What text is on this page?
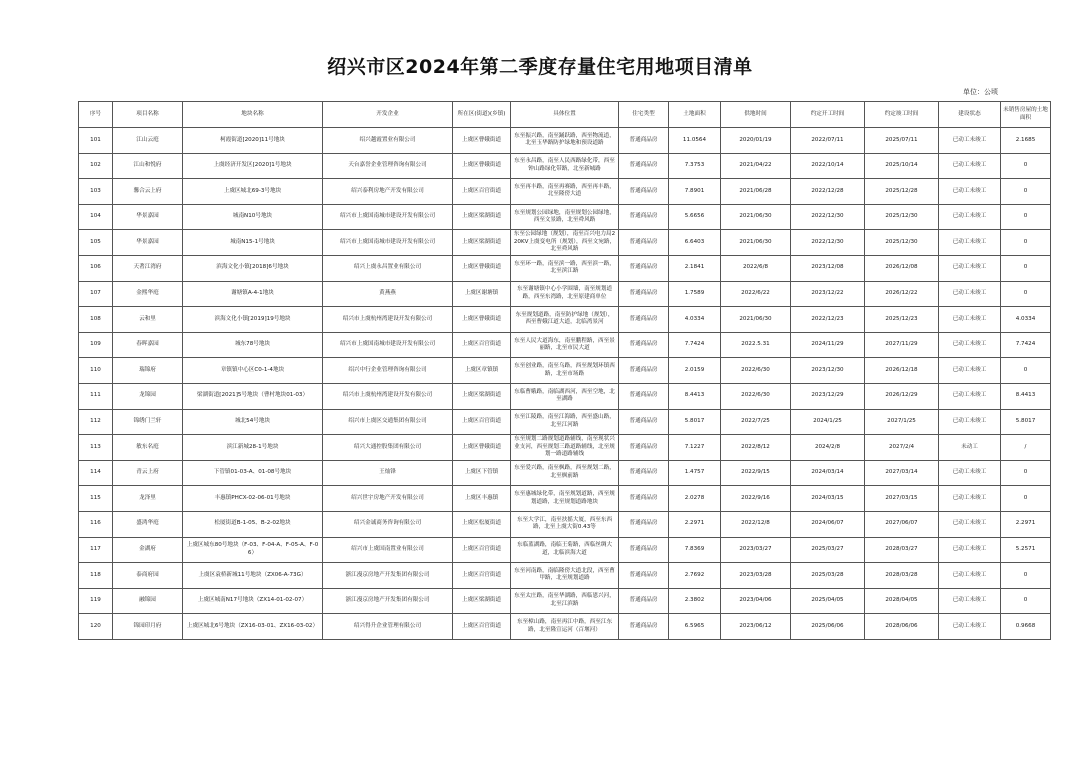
绍兴市区2024年第二季度存量住宅用地项目清单
单位：公顷
序号	项目名称	地块名称	开发企业	所在区(街道)(乡镇)	具体位置	住宅类型	土地面积	供地时间	约定开工时间	约定竣工时间	建设状态	未销售房屋的土地面积
101	江山云庭	柯霞街道[2020]11号地块	绍兴越霞置业有限公司	上虞区曹娥街道	东至振兴路，南至踊跃路，西至物流道，北至玉华路防护绿地和预设道路	普通商品房	11.0564	2020/01/19	2022/07/11	2025/07/11	已动工未竣工	2.1685
102	江山和悦府	上虞经济开发区[2020]1号地块	天台嘉誉企业管理咨询有限公司	上虞区曹娥街道	东至永昌路，南至人民西路绿化带，西至钟山路绿化带路，北至新城路	普通商品房	7.3753	2021/04/22	2022/10/14	2025/10/14	已动工未竣工	0
103	馨合云上府	上虞区城北69-3号地块	绍兴泰利房地产开发有限公司	上虞区百官街道	东至再丰路，南至再赛路，西至再丰路，北至隆傍大道	普通商品房	7.8901	2021/06/28	2022/12/28	2025/12/28	已动工未竣工	0
104	华景嘉园	城南N10号地块	绍兴市上虞国南城市建设开发有限公司	上虞区梁湖街道	东至规划公园绿地，南至规划公园绿地，西至文景路，北至舜风路	普通商品房	5.6656	2021/06/30	2022/12/30	2025/12/30	已动工未竣工	0
105	华景嘉园	城南N15-1号地块	绍兴市上虞国南城市建设开发有限公司	上虞区梁湖街道	东至公园绿地（规划），南至百兴电力局220KV上虞变电所（规划），西至文宛路，北至舜风路	普通商品房	6.6403	2021/06/30	2022/12/30	2025/12/30	已动工未竣工	0
106	天著江湾府	滨海文化小镇[2018]6号地块	绍兴上虞永昌置业有限公司	上虞区曹娥街道	东至环一路，南至滨一路，西至滨一路，北至滨江路	普通商品房	2.1841	2022/6/8	2023/12/08	2026/12/08	已动工未竣工	0
107	金熙华庭	谢塘镇A-4-1地块	黄燕燕	上虞区谢塘镇	东至谢塘镇中心小学围墙，南至规划道路，西至东湾路，北至原建商单位	普通商品房	1.7589	2022/6/22	2023/12/22	2026/12/22	已动工未竣工	0
108	云和里	滨海文化小镇[2019]19号地块	绍兴市上虞杭州湾建设开发有限公司	上虞区曹娥街道	东至规划道路，南至防护绿地（规划），西至曹娥江道大道，北临湾景河	普通商品房	4.0334	2021/06/30	2022/12/23	2025/12/23	已动工未竣工	4.0334
109	春晖嘉园	城东78号地块	绍兴市上虞国南城市建设开发有限公司	上虞区百官街道	东至人民大道海东，南至鹏程路，西至景丽路，北至市民大道	普通商品房	7.7424	2022.5.31	2024/11/29	2027/11/29	已动工未竣工	7.7424
110	瑞锦府	章镇镇中心区C0-1-4地块	绍兴中行企业管理咨询有限公司	上虞区章镇镇	东至创业路，南至乌路，西至规划环镇西路，北至市场路	普通商品房	2.0159	2022/6/30	2023/12/30	2026/12/18	已动工未竣工	0
111	龙锦园	梁湖街道[2021]5号地块（曹村地块01-03）	绍兴市上虞杭州湾建设开发有限公司	上虞区梁湖街道	东临曹娥路，南临湖西河，西至空地，北至湖路	普通商品房	8.4413	2022/6/30	2023/12/29	2026/12/29	已动工未竣工	8.4413
112	锦绣门兰轩	城北54号地块	绍兴市上虞区交通集团有限公司	上虞区百官街道	东至江陵路，南至江海路，西至盛山路，北至江河路	普通商品房	5.8017	2022/7/25	2024/1/25	2027/1/25	已动工未竣工	5.8017
113	敏东名庭	滨江新城28-1号地块	绍兴大通控股集团有限公司	上虞区曹娥街道	东至规划二路规划道路辅线，南至现状兴业支河，西至规划三路道路辅线，北至规划一路道路辅线	普通商品房	7.1227	2022/8/12	2024/2/8	2027/2/4	未动工	/
114	青云上府	下管镇01-03-A、01-08号地块	王灿锋	上虞区下管镇	东至爱兴路，南至枫路，西至规划二路，北至枫前路	普通商品房	1.4757	2022/9/15	2024/03/14	2027/03/14	已动工未竣工	0
115	龙泽里	丰惠镇PHCX-02-06-01号地块	绍兴世宇房地产开发有限公司	上虞区丰惠镇	东至惠城绿化带，南至规划道路，西至规划道路，北至规划道路地块	普通商品房	2.0278	2022/9/16	2024/03/15	2027/03/15	已动工未竣工	0
116	盛鸿华庭	松厦街道B-1-05、B-2-02地块	绍兴金诚商务咨询有限公司	上虞区松厦街道	东至大学江，南至扶摇大厦，西至东西路，北至上虞大街0.43等	普通商品房	2.2971	2022/12/8	2024/06/07	2027/06/07	已动工未竣工	2.2971
117	金湖府	上虞区城东80号地块（F-03、F-04-A、F-05-A、F-06）	绍兴市上虞国南置业有限公司	上虞区百官街道	东临蓝湖路，南临王菊路，西临丝绸大道，北临滨海大道	普通商品房	7.8369	2023/03/27	2025/03/27	2028/03/27	已动工未竣工	5.2571
118	泰商府园	上虞区袁桥新城11号地块（ZX06-A-73G）	浙江漫京房地产开发集团有限公司	上虞区百官街道	东至河南路，南临隆傍大道北段，西至曹甲路，北至规划道路	普通商品房	2.7692	2023/03/28	2025/03/28	2028/03/28	已动工未竣工	0
119	融锦园	上虞区城南N17号地块（ZX14-01-02-07）	浙江漫京房地产开发集团有限公司	上虞区梁湖街道	东至太庄路，南至华湖路，西临恩兴河，北至江滨路	普通商品房	2.3802	2023/04/06	2025/04/05	2028/04/05	已动工未竣工	0
120	锦园印月府	上虞区城北6号地块（ZX16-03-01、ZX16-03-02）	绍兴得升企业管理有限公司	上虞区百官街道	东至樟山路，南至再江中路，西至江东路，北至隆宣运河（百堰河）	普通商品房	6.5965	2023/06/12	2025/06/06	2028/06/06	已动工未竣工	0.9668
